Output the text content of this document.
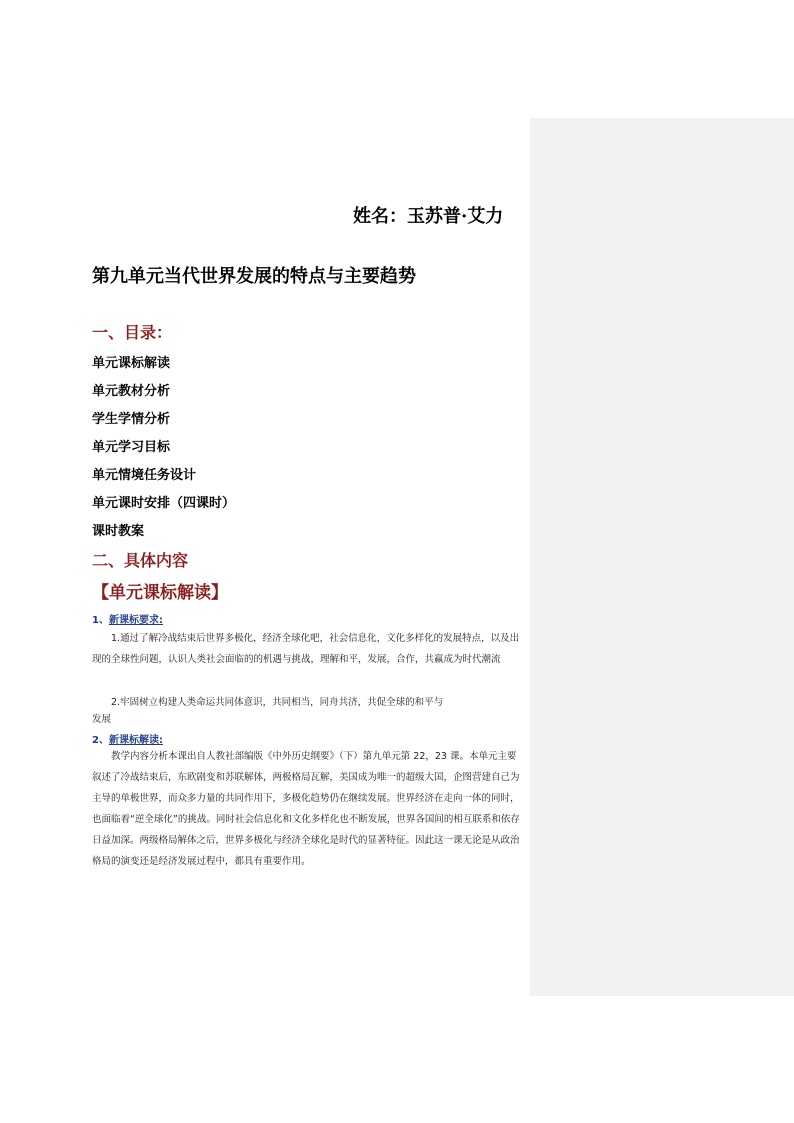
姓名：玉苏普·艾力
第九单元当代世界发展的特点与主要趋势
一、目录：
单元课标解读
单元教材分析
学生学情分析
单元学习目标
单元情境任务设计
单元课时安排（四课时）
课时教案
二、具体内容
【单元课标解读】
1、新课标要求:
1.通过了解冷战结束后世界多极化，经济全球化吧，社会信息化，文化多样化的发展特点，以及出现的全球性问题，认识人类社会面临的的机遇与挑战，理解和平，发展，合作，共赢成为时代潮流
2.牢固树立构建人类命运共同体意识，共同相当，同舟共济，共促全球的和平与发展
2、新课标解读:
教学内容分析本课出自人教社部编版《中外历史纲要》（下）第九单元第 22，23 课。本单元主要叙述了冷战结束后，东欧剧变和苏联解体，两极格局瓦解，美国成为唯一的超级大国，企图营建自己为主导的单极世界，而众多力量的共同作用下，多极化趋势仍在继续发展。世界经济在走向一体的同时，也面临着“逆全球化”的挑战。同时社会信息化和文化多样化也不断发展，世界各国间的相互联系和依存日益加深。两级格局解体之后，世界多极化与经济全球化是时代的显著特征。因此这一课无论是从政治格局的演变还是经济发展过程中，都具有重要作用。
